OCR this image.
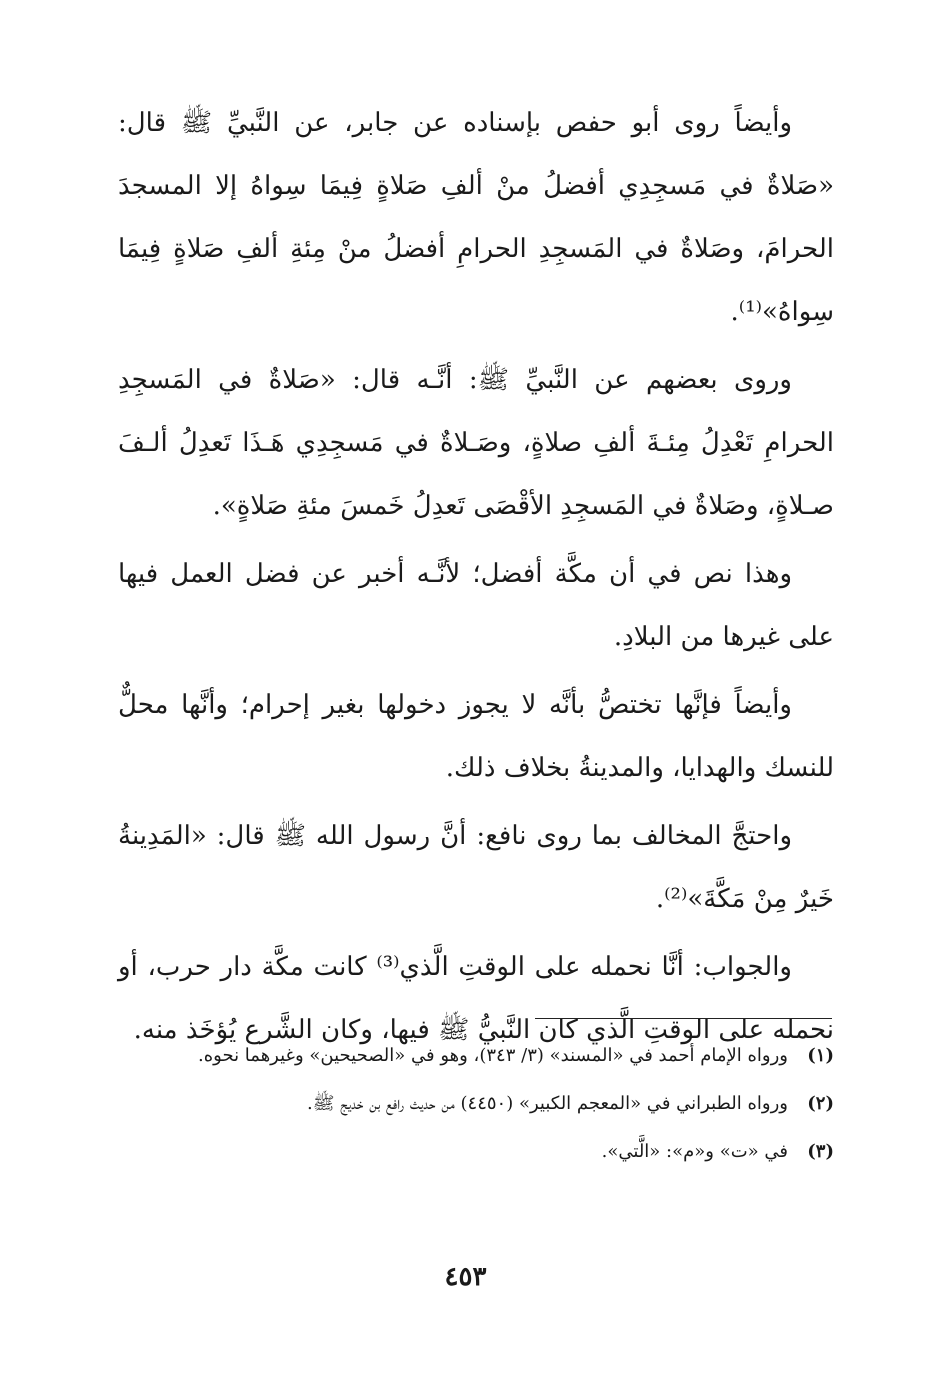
وأيضاً روى أبو حفص بإسناده عن جابر، عن النَّبيِّ ﷺ قال: «صَلاةٌ في مَسجِدِي أفضلُ منْ ألفِ صَلاةٍ فِيمَا سِواهُ إلا المسجدَ الحرامَ، وصَلاةٌ في المَسجِدِ الحرامِ أفضلُ منْ مِئةِ ألفِ صَلاةٍ فِيمَا سِواهُ»⁽¹⁾.

وروى بعضهم عن النَّبيِّ ﷺ: أنَّـه قال: «صَلاةٌ في المَسجِدِ الحرامِ تَعْدِلُ مِئـةَ ألفِ صلاةٍ، وصَـلاةٌ في مَسجِدِي هَـذَا تَعدِلُ ألـفَ صـلاةٍ، وصَلاةٌ في المَسجِدِ الأقْصَى تَعدِلُ خَمسَ مئةِ صَلاةٍ».

وهذا نص في أن مكَّة أفضل؛ لأنَّـه أخبر عن فضل العمل فيها على غيرها من البلادِ.

وأيضاً فإنَّها تختصُّ بأنَّه لا يجوز دخولها بغير إحرام؛ وأنَّها محلٌّ للنسك والهدايا، والمدينةُ بخلاف ذلك.

واحتجَّ المخالف بما روى نافع: أنَّ رسول الله ﷺ قال: «المَدِينةُ خَيرٌ مِنْ مَكَّةَ»⁽²⁾.

والجواب: أنَّا نحمله على الوقتِ الَّذي⁽³⁾ كانت مكَّة دار حرب، أو نحمله على الوقتِ الَّذي كان النَّبيُّ ﷺ فيها، وكان الشَّرع يُؤخَذ منه.

(١)
ورواه الإمام أحمد في «المسند» (٣/ ٣٤٣)، وهو في «الصحيحين» وغيرهما نحوه.
(٢)
ورواه الطبراني في «المعجم الكبير» (٤٤٥٠) من حديث رافع بن خديج ﷺ.
(٣)
في «ت» و«م»: «الَّتي».
٤٥٣
